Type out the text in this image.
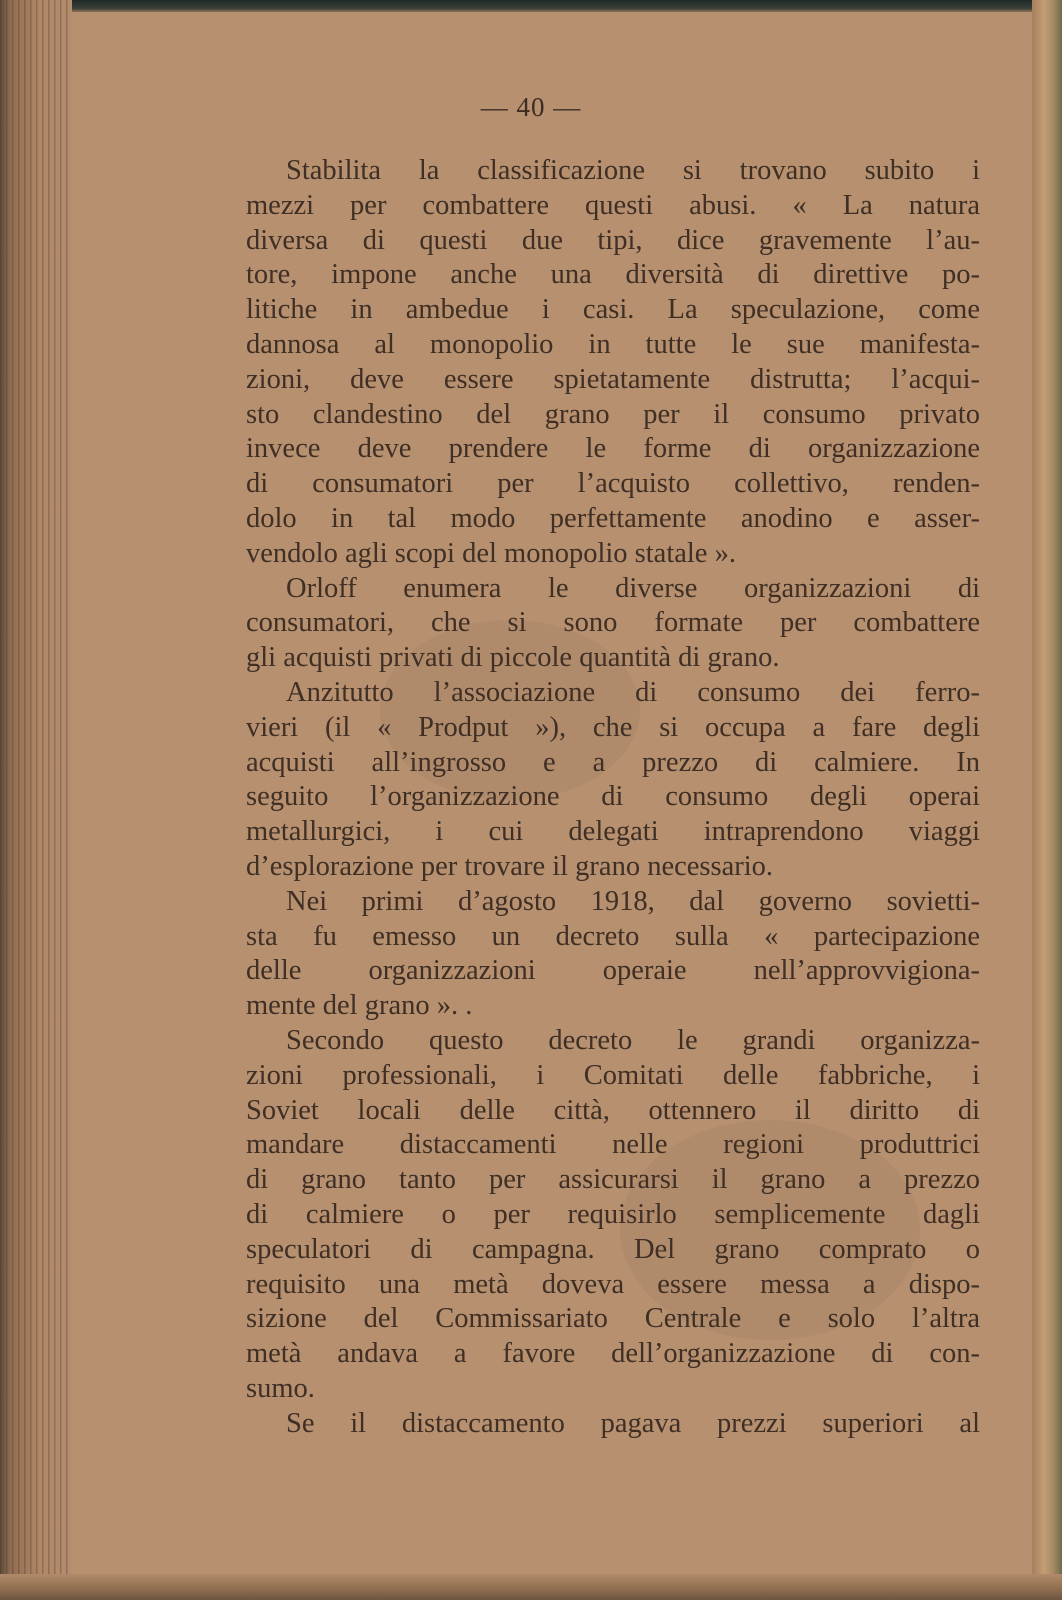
— 40 —
Stabilita la classificazione si trovano subito i
mezzi per combattere questi abusi. « La natura
diversa di questi due tipi, dice gravemente l’au-
tore, impone anche una diversità di direttive po-
litiche in ambedue i casi. La speculazione, come
dannosa al monopolio in tutte le sue manifesta-
zioni, deve essere spietatamente distrutta; l’acqui-
sto clandestino del grano per il consumo privato
invece deve prendere le forme di organizzazione
di consumatori per l’acquisto collettivo, renden-
dolo in tal modo perfettamente anodino e asser-
vendolo agli scopi del monopolio statale ».
Orloff enumera le diverse organizzazioni di
consumatori, che si sono formate per combattere
gli acquisti privati di piccole quantità di grano.
Anzitutto l’associazione di consumo dei ferro-
vieri (il « Prodput »), che si occupa a fare degli
acquisti all’ingrosso e a prezzo di calmiere. In
seguito l’organizzazione di consumo degli operai
metallurgici, i cui delegati intraprendono viaggi
d’esplorazione per trovare il grano necessario.
Nei primi d’agosto 1918, dal governo sovietti-
sta fu emesso un decreto sulla « partecipazione
delle organizzazioni operaie nell’approvvigiona-
mente del grano ». .
Secondo questo decreto le grandi organizza-
zioni professionali, i Comitati delle fabbriche, i
Soviet locali delle città, ottennero il diritto di
mandare distaccamenti nelle regioni produttrici
di grano tanto per assicurarsi il grano a prezzo
di calmiere o per requisirlo semplicemente dagli
speculatori di campagna. Del grano comprato o
requisito una metà doveva essere messa a dispo-
sizione del Commissariato Centrale e solo l’altra
metà andava a favore dell’organizzazione di con-
sumo.
Se il distaccamento pagava prezzi superiori al
